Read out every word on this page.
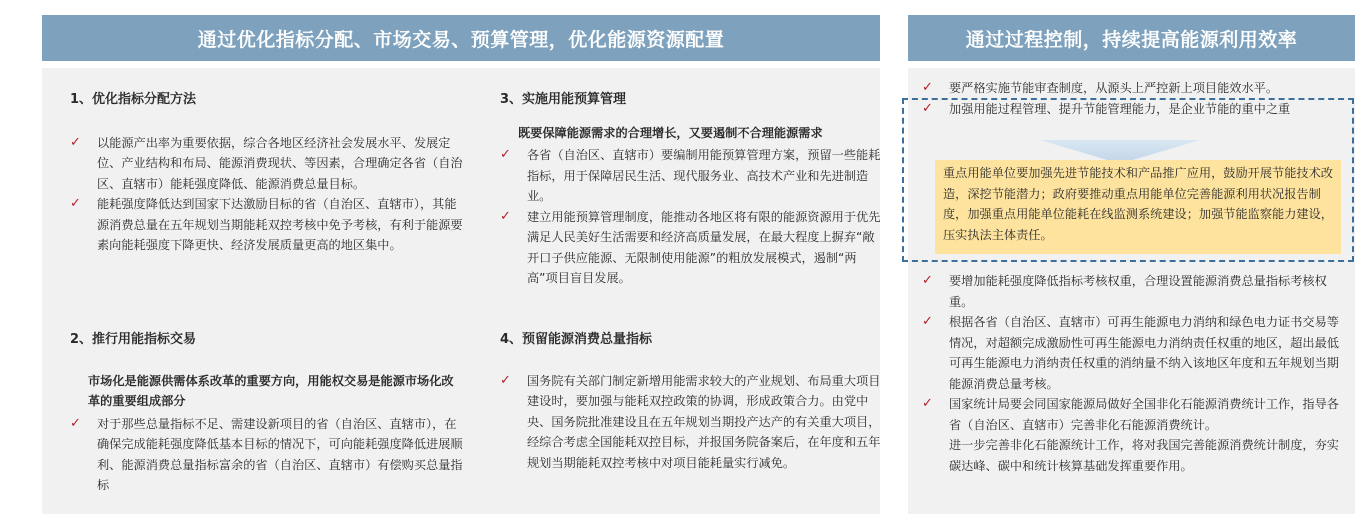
通过优化指标分配、市场交易、预算管理，优化能源资源配置	通过过程控制，持续提高能源利用效率
1、优化指标分配方法
✓ 以能源产出率为重要依据，综合各地区经济社会发展水平、发展定位、产业结构和布局、能源消费现状、等因素，合理确定各省（自治区、直辖市）能耗强度降低、能源消费总量目标。
✓ 能耗强度降低达到国家下达激励目标的省（自治区、直辖市），其能源消费总量在五年规划当期能耗双控考核中免予考核，有利于能源要素向能耗强度下降更快、经济发展质量更高的地区集中。
2、推行用能指标交易
市场化是能源供需体系改革的重要方向，用能权交易是能源市场化改革的重要组成部分
✓ 对于那些总量指标不足、需建设新项目的省（自治区、直辖市），在确保完成能耗强度降低基本目标的情况下，可向能耗强度降低进展顺利、能源消费总量指标富余的省（自治区、直辖市）有偿购买总量指标
3、实施用能预算管理
既要保障能源需求的合理增长，又要遏制不合理能源需求
✓ 各省（自治区、直辖市）要编制用能预算管理方案，预留一些能耗指标，用于保障居民生活、现代服务业、高技术产业和先进制造业。
✓ 建立用能预算管理制度，能推动各地区将有限的能源资源用于优先满足人民美好生活需要和经济高质量发展，在最大程度上摒弃“敞开口子供应能源、无限制使用能源”的粗放发展模式，遏制“两高”项目盲目发展。
4、预留能源消费总量指标
✓ 国务院有关部门制定新增用能需求较大的产业规划、布局重大项目建设时，要加强与能耗双控政策的协调，形成政策合力。由党中央、国务院批准建设且在五年规划当期投产达产的有关重大项目，经综合考虑全国能耗双控目标，并报国务院备案后，在年度和五年规划当期能耗双控考核中对项目能耗量实行减免。
✓ 要严格实施节能审查制度，从源头上严控新上项目能效水平。
✓ 加强用能过程管理、提升节能管理能力，是企业节能的重中之重
重点用能单位要加强先进节能技术和产品推广应用，鼓励开展节能技术改造，深挖节能潜力；政府要推动重点用能单位完善能源利用状况报告制度，加强重点用能单位能耗在线监测系统建设；加强节能监察能力建设，压实执法主体责任。
✓ 要增加能耗强度降低指标考核权重，合理设置能源消费总量指标考核权重。
✓ 根据各省（自治区、直辖市）可再生能源电力消纳和绿色电力证书交易等情况，对超额完成激励性可再生能源电力消纳责任权重的地区，超出最低可再生能源电力消纳责任权重的消纳量不纳入该地区年度和五年规划当期能源消费总量考核。
✓ 国家统计局要会同国家能源局做好全国非化石能源消费统计工作，指导各省（自治区、直辖市）完善非化石能源消费统计。
进一步完善非化石能源统计工作，将对我国完善能源消费统计制度，夯实碳达峰、碳中和统计核算基础发挥重要作用。
